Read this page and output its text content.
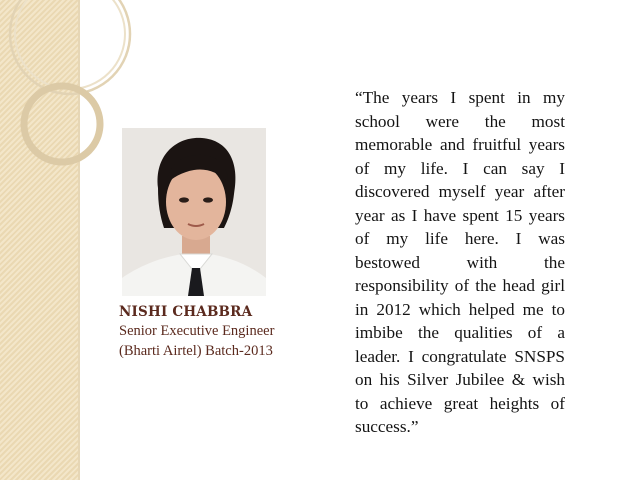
NISHI CHABBRA
Senior Executive Engineer
(Bharti Airtel) Batch-2013
“The years I spent in my school were the most memorable and fruitful years of my life. I can say I discovered myself year after year as I have spent 15 years of my life here. I was bestowed with the responsibility of the head girl in 2012 which helped me to imbibe the qualities of a leader. I congratulate SNSPS on his Silver Jubilee & wish to achieve great heights of success.”
